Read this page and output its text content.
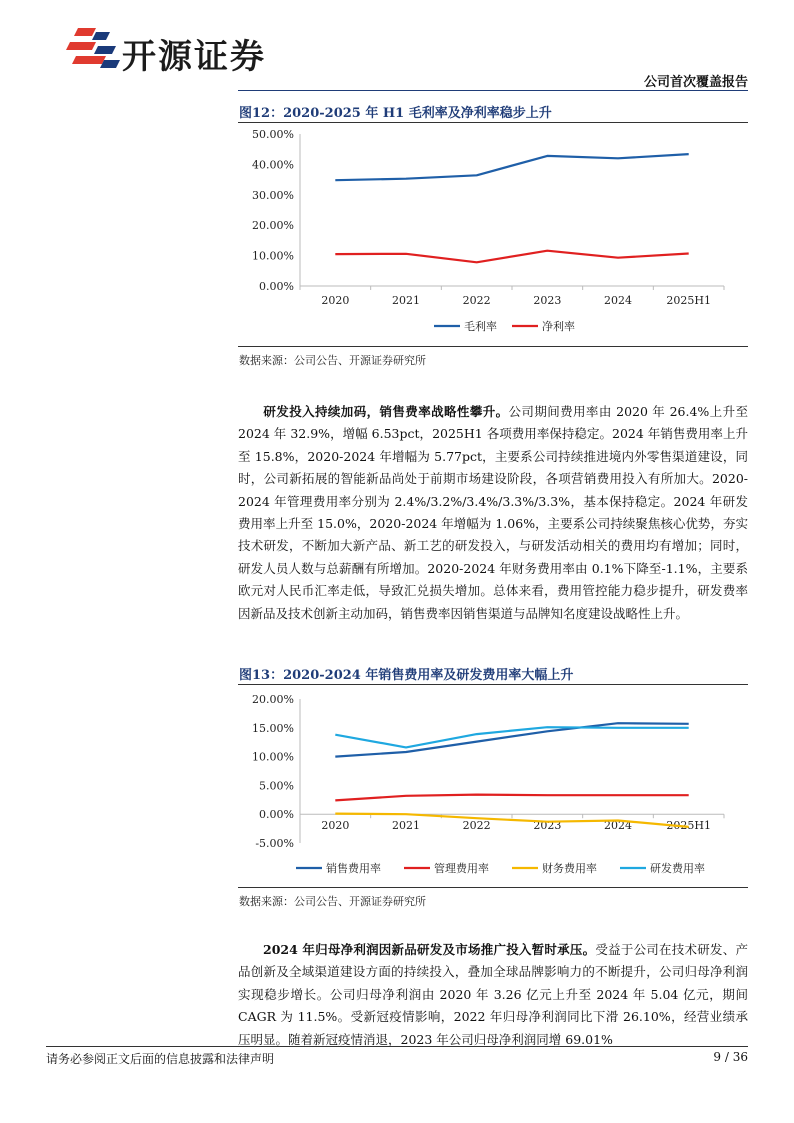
开源证券
公司首次覆盖报告
图12：2020-2025 年 H1 毛利率及净利率稳步上升
50.00%
40.00%
30.00%
20.00%
10.00%
0.00%
2020	2021	2022	2023	2024	2025H1
毛利率	净利率
数据来源：公司公告、开源证券研究所
研发投入持续加码，销售费率战略性攀升。公司期间费用率由 2020 年 26.4%上升至 2024 年 32.9%，增幅 6.53pct，2025H1 各项费用率保持稳定。2024 年销售费用率上升至 15.8%，2020-2024 年增幅为 5.77pct，主要系公司持续推进境内外零售渠道建设，同时，公司新拓展的智能新品尚处于前期市场建设阶段，各项营销费用投入有所加大。2020-2024 年管理费用率分别为 2.4%/3.2%/3.4%/3.3%/3.3%，基本保持稳定。2024 年研发费用率上升至 15.0%，2020-2024 年增幅为 1.06%，主要系公司持续聚焦核心优势，夯实技术研发，不断加大新产品、新工艺的研发投入，与研发活动相关的费用均有增加；同时，研发人员人数与总薪酬有所增加。2020-2024 年财务费用率由 0.1%下降至-1.1%，主要系欧元对人民币汇率走低，导致汇兑损失增加。总体来看，费用管控能力稳步提升，研发费率因新品及技术创新主动加码，销售费率因销售渠道与品牌知名度建设战略性上升。
图13：2020-2024 年销售费用率及研发费用率大幅上升
20.00%
15.00%
10.00%
5.00%
0.00%
-5.00%
2020	2021	2022	2023	2024	2025H1
销售费用率	管理费用率	财务费用率	研发费用率
数据来源：公司公告、开源证券研究所
2024 年归母净利润因新品研发及市场推广投入暂时承压。受益于公司在技术研发、产品创新及全域渠道建设方面的持续投入，叠加全球品牌影响力的不断提升，公司归母净利润实现稳步增长。公司归母净利润由 2020 年 3.26 亿元上升至 2024 年 5.04 亿元，期间 CAGR 为 11.5%。受新冠疫情影响，2022 年归母净利润同比下滑 26.10%，经营业绩承压明显。随着新冠疫情消退，2023 年公司归母净利润同增 69.01%
请务必参阅正文后面的信息披露和法律声明	9 / 36
